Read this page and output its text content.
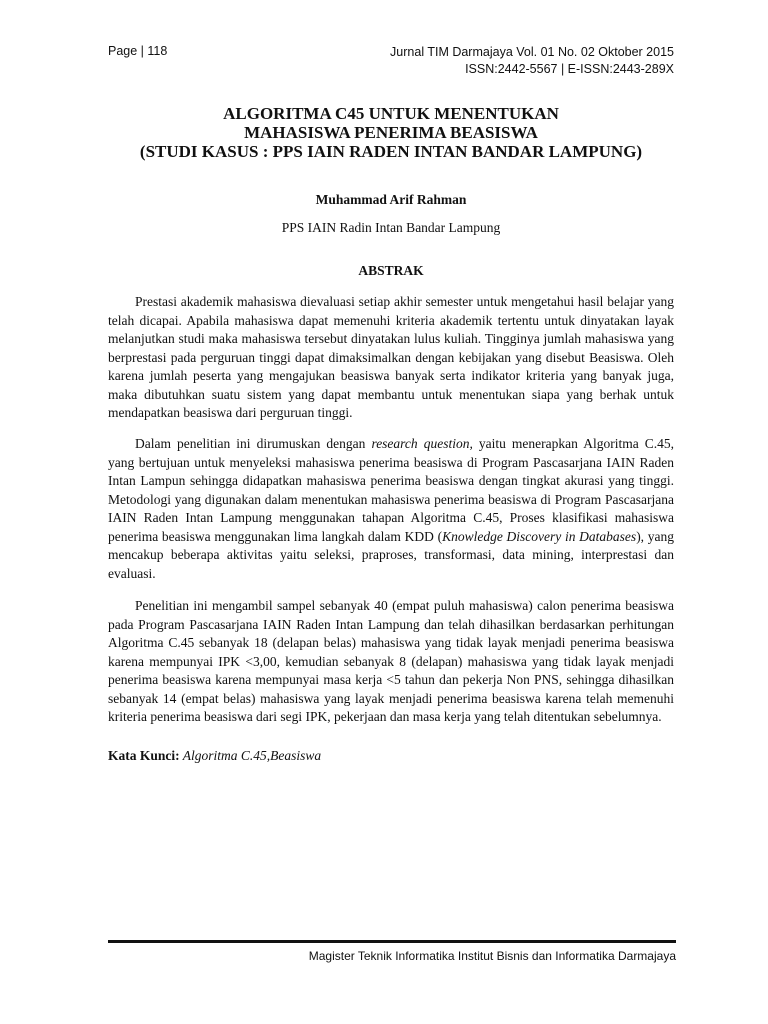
Page | 118	Jurnal TIM Darmajaya Vol. 01 No. 02 Oktober 2015
ISSN:2442-5567 | E-ISSN:2443-289X
ALGORITMA C45 UNTUK MENENTUKAN
MAHASISWA PENERIMA BEASISWA
(STUDI KASUS : PPS IAIN RADEN INTAN BANDAR LAMPUNG)
Muhammad Arif Rahman
PPS IAIN Radin Intan Bandar Lampung
ABSTRAK

Prestasi akademik mahasiswa dievaluasi setiap akhir semester untuk mengetahui hasil belajar yang telah dicapai. Apabila mahasiswa dapat memenuhi kriteria akademik tertentu untuk dinyatakan layak melanjutkan studi maka mahasiswa tersebut dinyatakan lulus kuliah. Tingginya jumlah mahasiswa yang berprestasi pada perguruan tinggi dapat dimaksimalkan dengan kebijakan yang disebut Beasiswa. Oleh karena jumlah peserta yang mengajukan beasiswa banyak serta indikator kriteria yang banyak juga, maka dibutuhkan suatu sistem yang dapat membantu untuk menentukan siapa yang berhak untuk mendapatkan beasiswa dari perguruan tinggi.

Dalam penelitian ini dirumuskan dengan research question, yaitu menerapkan Algoritma C.45, yang bertujuan untuk menyeleksi mahasiswa penerima beasiswa di Program Pascasarjana IAIN Raden Intan Lampun sehingga didapatkan mahasiswa penerima beasiswa dengan tingkat akurasi yang tinggi. Metodologi yang digunakan dalam menentukan mahasiswa penerima beasiswa di Program Pascasarjana IAIN Raden Intan Lampung menggunakan tahapan Algoritma C.45, Proses klasifikasi mahasiswa penerima beasiswa menggunakan lima langkah dalam KDD (Knowledge Discovery in Databases), yang mencakup beberapa aktivitas yaitu seleksi, praproses, transformasi, data mining, interprestasi dan evaluasi.

Penelitian ini mengambil sampel sebanyak 40 (empat puluh mahasiswa) calon penerima beasiswa pada Program Pascasarjana IAIN Raden Intan Lampung dan telah dihasilkan berdasarkan perhitungan Algoritma C.45 sebanyak 18 (delapan belas) mahasiswa yang tidak layak menjadi penerima beasiswa karena mempunyai IPK <3,00, kemudian sebanyak 8 (delapan) mahasiswa yang tidak layak menjadi penerima beasiswa karena mempunyai masa kerja <5 tahun dan pekerja Non PNS, sehingga dihasilkan sebanyak 14 (empat belas) mahasiswa yang layak menjadi penerima beasiswa karena telah memenuhi kriteria penerima beasiswa dari segi IPK, pekerjaan dan masa kerja yang telah ditentukan sebelumnya.

Kata Kunci: Algoritma C.45,Beasiswa
Magister Teknik Informatika Institut Bisnis dan Informatika Darmajaya
